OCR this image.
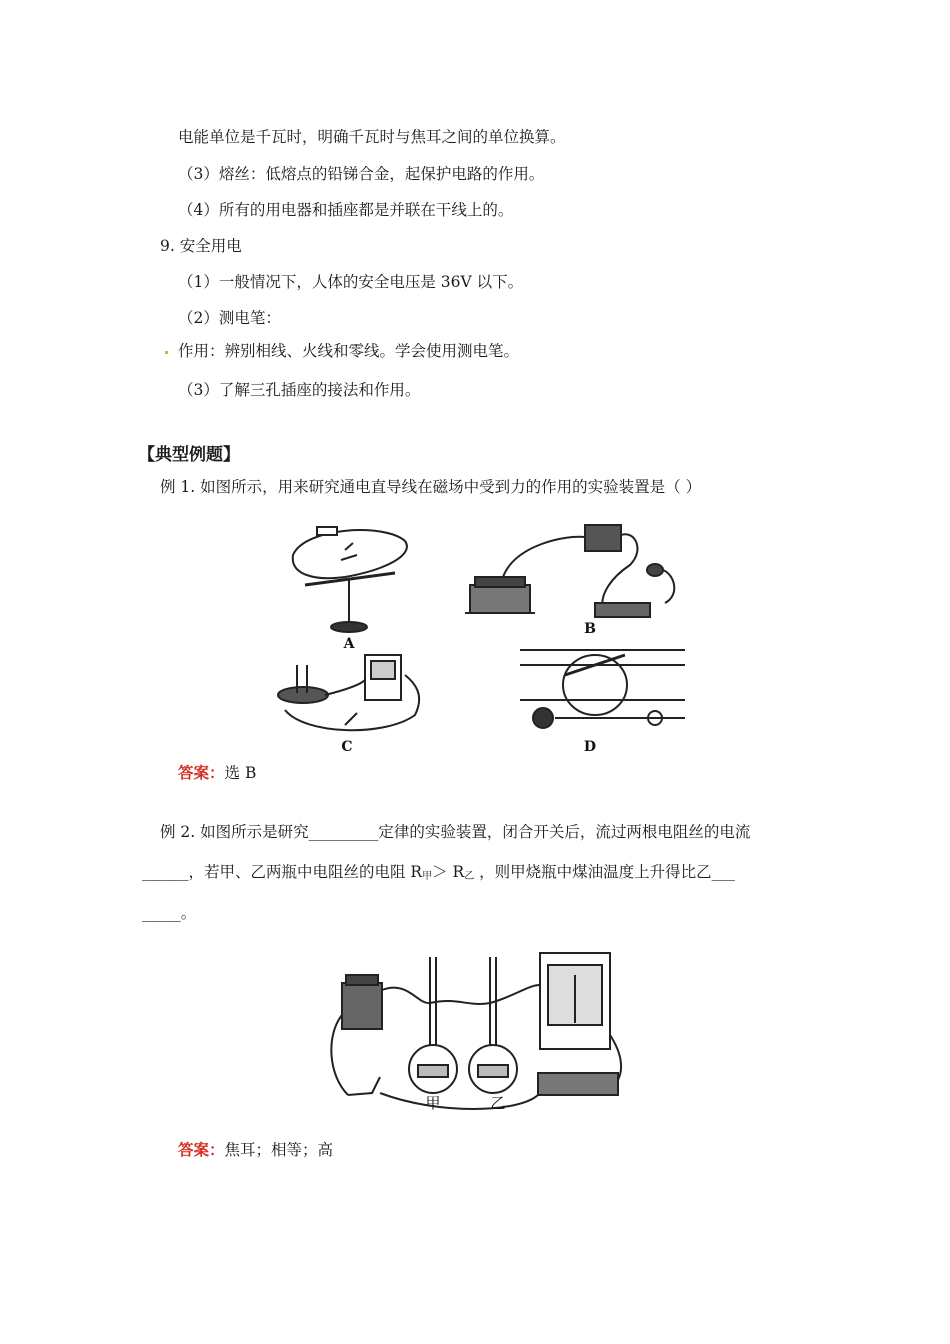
电能单位是千瓦时，明确千瓦时与焦耳之间的单位换算。
（3）熔丝：低熔点的铅锑合金，起保护电路的作用。
（4）所有的用电器和插座都是并联在干线上的。
9. 安全用电
（1）一般情况下，人体的安全电压是 36V 以下。
（2）测电笔：
作用：辨别相线、火线和零线。学会使用测电笔。
（3）了解三孔插座的接法和作用。
【典型例题】
例 1. 如图所示，用来研究通电直导线在磁场中受到力的作用的实验装置是（ ）
A
B
C	D
答案：选 B
例 2. 如图所示是研究_________定律的实验装置，闭合开关后，流过两根电阻丝的电流
______，若甲、乙两瓶中电阻丝的电阻 $R_甲> R_乙$ ，则甲烧瓶中煤油温度上升得比乙___
_____。
甲	乙
答案：焦耳；相等；高
